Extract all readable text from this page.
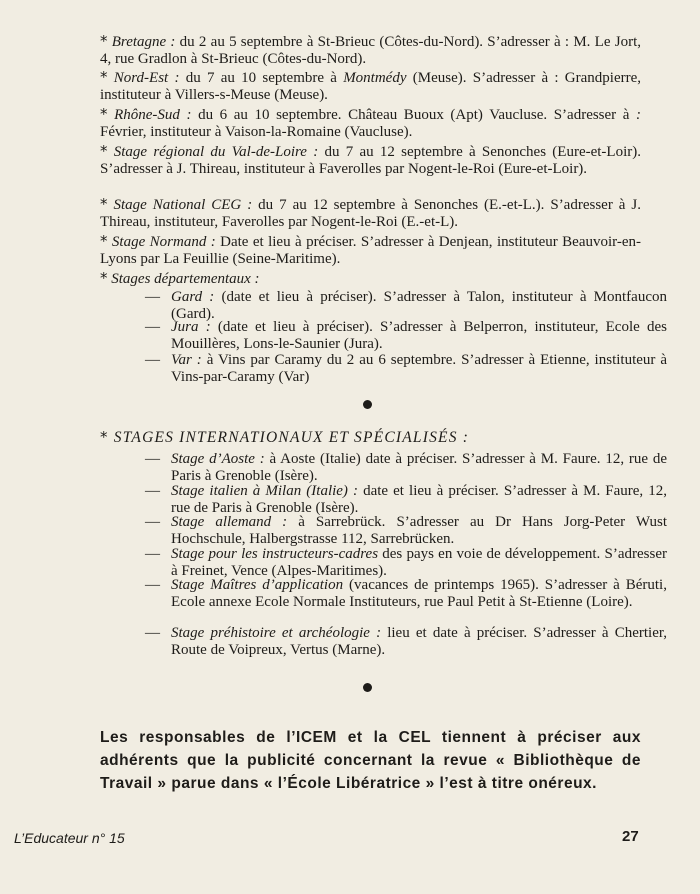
* Bretagne : du 2 au 5 septembre à St-Brieuc (Côtes-du-Nord). S’adresser à : M. Le Jort, 4, rue Gradlon à St-Brieuc (Côtes-du-Nord).
* Nord-Est : du 7 au 10 septembre à Montmédy (Meuse). S’adresser à : Grandpierre, instituteur à Villers-s-Meuse (Meuse).
* Rhône-Sud : du 6 au 10 septembre. Château Buoux (Apt) Vaucluse. S’adresser à : Février, instituteur à Vaison-la-Romaine (Vaucluse).
* Stage régional du Val-de-Loire : du 7 au 12 septembre à Senonches (Eure-et-Loir). S’adresser à J. Thireau, instituteur à Faverolles par Nogent-le-Roi (Eure-et-Loir).
* Stage National CEG : du 7 au 12 septembre à Senonches (E.-et-L.). S’adresser à J. Thireau, instituteur, Faverolles par Nogent-le-Roi (E.-et-L).
* Stage Normand : Date et lieu à préciser. S’adresser à Denjean, instituteur Beauvoir-en-Lyons par La Feuillie (Seine-Maritime).
* Stages départementaux :
— Gard : (date et lieu à préciser). S’adresser à Talon, instituteur à Montfaucon (Gard).
— Jura : (date et lieu à préciser). S’adresser à Belperron, instituteur, Ecole des Mouillères, Lons-le-Saunier (Jura).
— Var : à Vins par Caramy du 2 au 6 septembre. S’adresser à Etienne, instituteur à Vins-par-Caramy (Var)
* STAGES INTERNATIONAUX ET SPÉCIALISÉS :
— Stage d’Aoste : à Aoste (Italie) date à préciser. S’adresser à M. Faure. 12, rue de Paris à Grenoble (Isère).
— Stage italien à Milan (Italie) : date et lieu à préciser. S’adresser à M. Faure, 12, rue de Paris à Grenoble (Isère).
— Stage allemand : à Sarrebrück. S’adresser au Dr Hans Jorg-Peter Wust Hochschule, Halbergstrasse 112, Sarrebrücken.
— Stage pour les instructeurs-cadres des pays en voie de développement. S’adresser à Freinet, Vence (Alpes-Maritimes).
— Stage Maîtres d’application (vacances de printemps 1965). S’adresser à Béruti, Ecole annexe Ecole Normale Instituteurs, rue Paul Petit à St-Etienne (Loire).
— Stage préhistoire et archéologie : lieu et date à préciser. S’adresser à Chertier, Route de Voipreux, Vertus (Marne).
Les responsables de l’ICEM et la CEL tiennent à préciser aux adhérents que la publicité concernant la revue « Bibliothèque de Travail » parue dans « l’École Libératrice » l’est à titre onéreux.
L’Educateur n° 15	27
